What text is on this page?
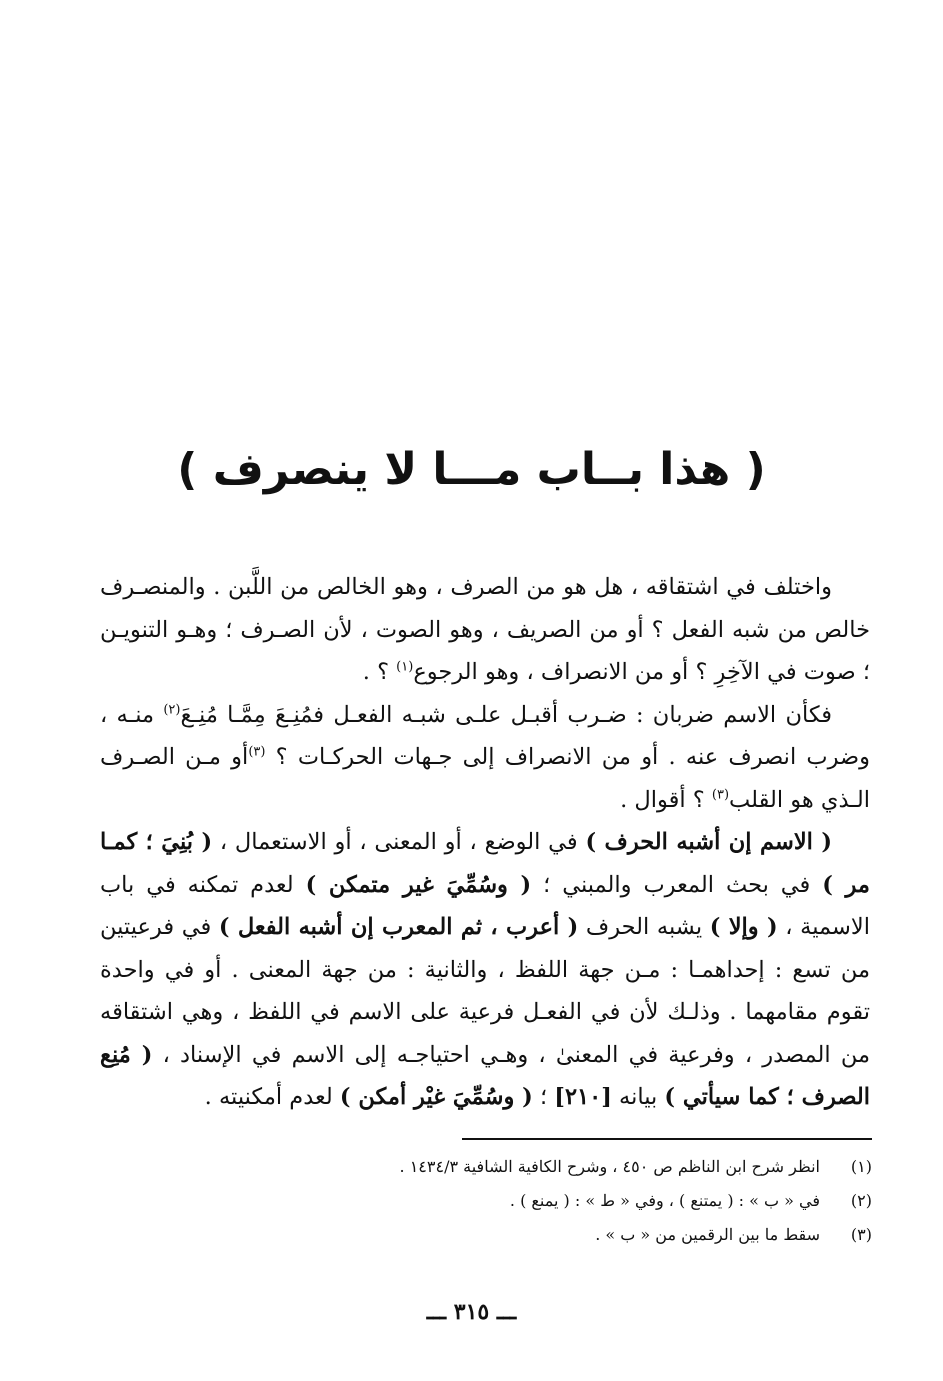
( هذا بــاب مـــا لا ينصرف )

واختلف في اشتقاقه ، هل هو من الصرف ، وهو الخالص من اللَّبن . والمنصـرف خالص من شبه الفعل ؟ أو من الصريف ، وهو الصوت ، لأن الصـرف ؛ وهـو التنويـن ؛ صوت في الآخِرِ ؟ أو من الانصراف ، وهو الرجوع$^{(١)}$ ؟ .

فكأن الاسم ضربان : ضـرب أقبـل علـى شبـه الفعـل فمُنِـعَ مِمَّـا مُنِـعَ$^{(٢)}$ منـه ، وضرب انصرف عنه . أو من الانصراف إلى جـهات الحركـات ؟ $^{(٣)}$أو مـن الصـرف الـذي هو القلب$^{(٣)}$ ؟ أقوال .

( الاسم إن أشبه الحرف ) في الوضع ، أو المعنى ، أو الاستعمال ، ( بُنِيَ ؛ كمـا مر ) في بحث المعرب والمبني ؛ ( وسُمِّيَ غير متمكن ) لعدم تمكنه في باب الاسمية ، ( وإلا ) يشبه الحرف ( أعرب ، ثم المعرب إن أشبه الفعل ) في فرعيتين من تسع : إحداهمـا : مـن جهة اللفظ ، والثانية : من جهة المعنى . أو في واحدة تقوم مقامهما . وذلـك لأن في الفعـل فرعية على الاسم في اللفظ ، وهي اشتقاقه من المصدر ، وفرعية في المعنىٰ ، وهـي احتياجـه إلى الاسم في الإسناد ، ( مُنِع الصرف ؛ كما سيأتي ) بيانه [٢١٠] ؛ ( وسُمِّيَ غيْر أمكن ) لعدم أمكنيته .

(١)
انظر شرح ابن الناظم ص ٤٥٠ ، وشرح الكافية الشافية ١٤٣٤/٣ .
(٢)
في « ب » : ( يمتنع ) ، وفي « ط » : ( يمنع ) .
(٣)
سقط ما بين الرقمين من « ب » .
ـــ ٣١٥ ـــ
